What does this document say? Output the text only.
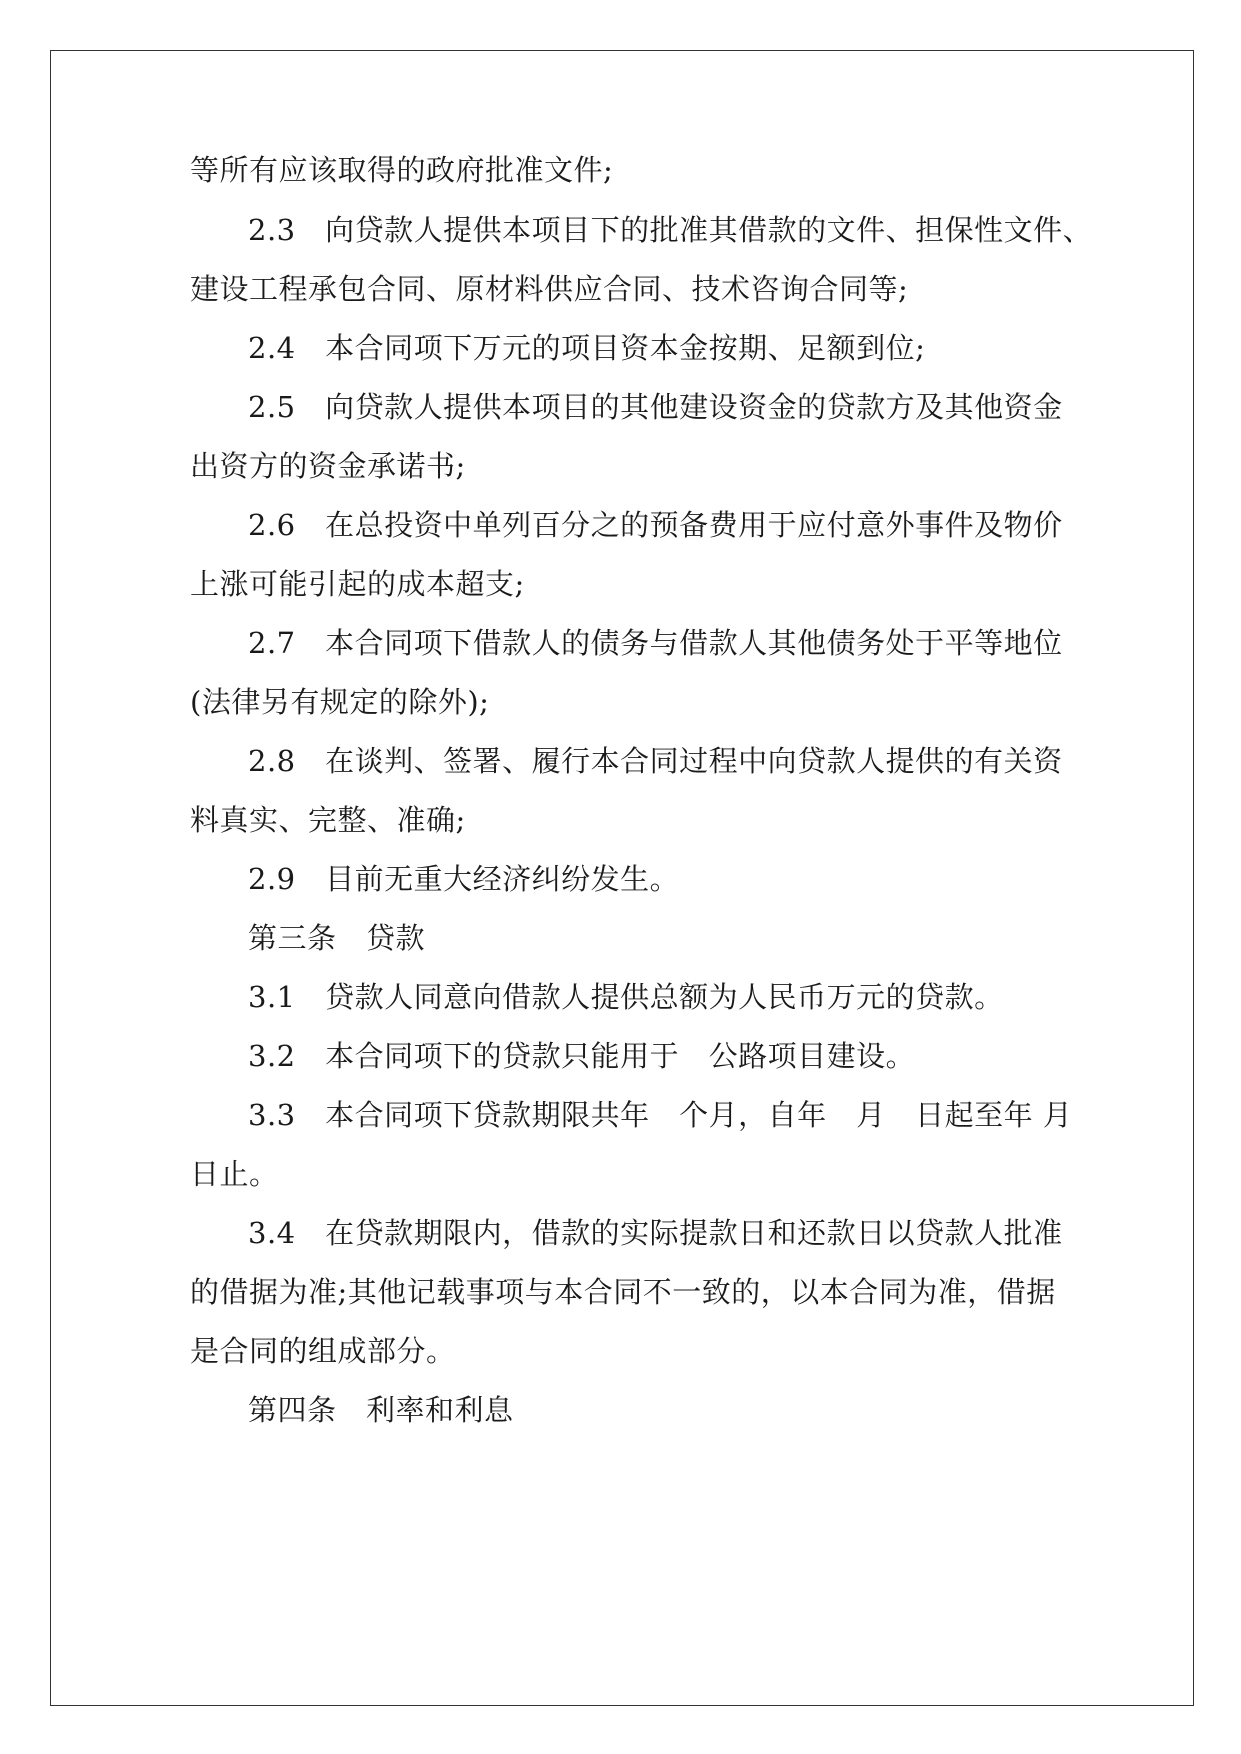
等所有应该取得的政府批准文件;
2.3　向贷款人提供本项目下的批准其借款的文件、担保性文件、
建设工程承包合同、原材料供应合同、技术咨询合同等;
2.4　本合同项下万元的项目资本金按期、足额到位;
2.5　向贷款人提供本项目的其他建设资金的贷款方及其他资金
出资方的资金承诺书;
2.6　在总投资中单列百分之的预备费用于应付意外事件及物价
上涨可能引起的成本超支;
2.7　本合同项下借款人的债务与借款人其他债务处于平等地位
(法律另有规定的除外);
2.8　在谈判、签署、履行本合同过程中向贷款人提供的有关资
料真实、完整、准确;
2.9　目前无重大经济纠纷发生。
第三条　贷款
3.1　贷款人同意向借款人提供总额为人民币万元的贷款。
3.2　本合同项下的贷款只能用于　公路项目建设。
3.3　本合同项下贷款期限共年　个月，自年　月　日起至年 月
日止。
3.4　在贷款期限内，借款的实际提款日和还款日以贷款人批准
的借据为准;其他记载事项与本合同不一致的，以本合同为准，借据
是合同的组成部分。
第四条　利率和利息
